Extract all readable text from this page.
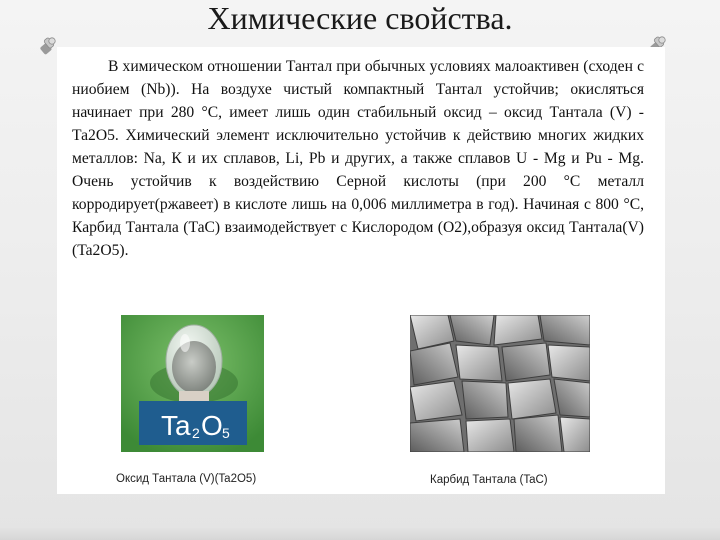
Химические свойства.
В химическом отношении Тантал при обычных условиях малоактивен (сходен с ниобием (Nb)). На воздухе чистый компактный Тантал устойчив; окисляться начинает при 280 °С, имеет лишь один стабильный оксид – оксид Тантала (V) - Та2О5. Химический элемент исключительно устойчив к действию многих жидких металлов: Na, К и их сплавов, Li, Pb и других, а также сплавов U - Mg и Pu - Mg. Очень устойчив к воздействию Серной кислоты (при 200 °С металл корродирует(ржавеет) в кислоте лишь на 0,006 миллиметра в год). Начиная с 800 °С, Карбид Тантала (ТаС) взаимодействует с Кислородом (O2),образуя оксид Тантала(V) (Ta2O5).
Ta 2 O 5
Оксид Тантала (V)(Ta2O5)	Карбид Тантала (TaC)
